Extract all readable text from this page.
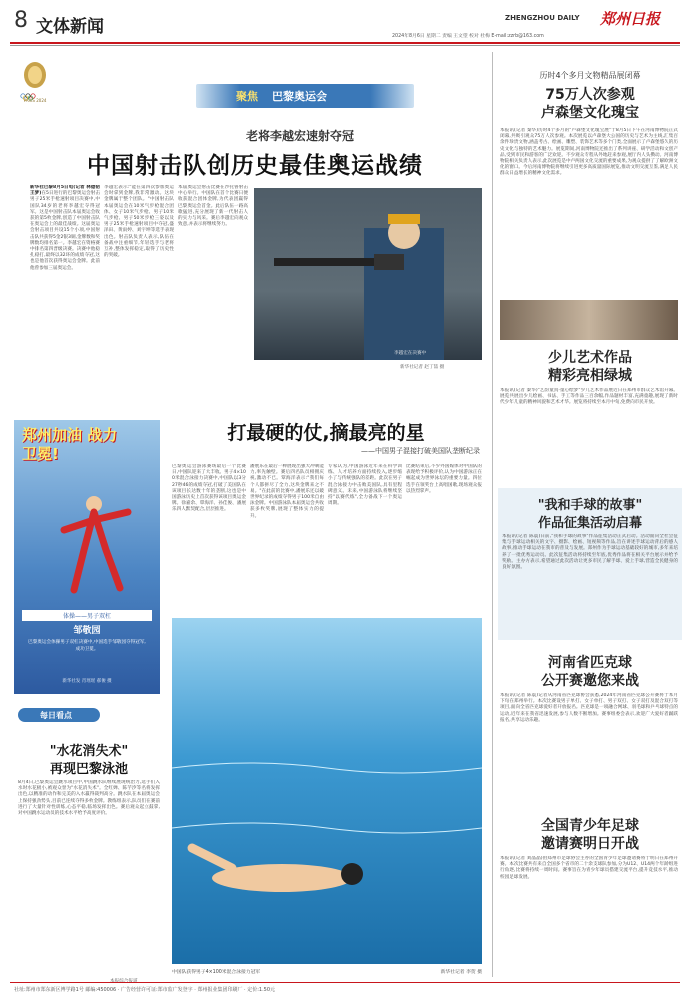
8 文体新闻	ZHENGZHOU DAILY 郑州日报
2024年8月6日 星期二 责编 王文望 校对 杜梅 E-mail:zzrb@163.com
PARIS 2024	聚焦 巴黎奥运会
老将李越宏速射夺冠
中国射击队创历史最佳奥运战绩
新华社巴黎8月5日电(记者 林德韧 王梦)在5日进行的巴黎奥运会射击男子25米手枪速射项目决赛中,中国队34岁的老将李越宏夺得冠军。这是中国射击队本届奥运会收获的第5枚金牌,创造了中国射击队在奥运会上的最佳战绩。这届奥运会射击项目共设15个小项,中国射击队共获得5金2银3铜,金牌数和奖牌数均排名第一。李越宏在资格赛中排名第四晋级决赛。决赛中他稳扎稳打,最终以32环的成绩夺冠,这也是他首次获得奥运会金牌。此前他曾参加三届奥运会。
李越宏表示:"能在第四次参加奥运会时拿到金牌,我非常激动。这块金牌属于整个团队。"中国射击队本届奥运会在10米气步枪混合团体、女子10米气步枪、男子10米气步枪、男子50米步枪三姿以及男子25米手枪速射项目中夺冠,盛泽田、黄雨婷、刘宇坤等选手表现出色。射击队负责人表示,队伍在备战中注重细节,年轻选手与老将互补,整体发挥稳定,取得了历史性的突破。
本届奥运会射击比赛在沙托鲁射击中心举行。中国队在首个比赛日便收获混合团体金牌,为代表团赢得巴黎奥运会首金。此后队伍一路高歌猛进,充分展现了新一代射击人的实力与风采。赛后李越宏向观众致意,并表示将继续努力。
李越宏在决赛中
新华社记者 赵丁喆 摄
郑州加油 战力卫冕!
体操——男子双杠
邹敬园
巴黎奥运会体操男子双杠决赛中,中国选手邹敬园夺得冠军,成功卫冕。
新华社发 肖瑶瑶 郝俊 摄
每日看点
"水花消失术"
再现巴黎泳池
8月4日,巴黎奥运会跳水项目中,中国跳水队继续展现统治力,选手们入水时水花极小,被观众誉为"水花消失术"。全红婵、陈芋汐等名将发挥出色,以精准的动作和完美的入水赢得裁判高分。跳水队在本届奥运会上保持强劲势头,目前已连续夺得多枚金牌。教练组表示,队员们在赛前进行了大量针对性训练,心态平稳,临场发挥出色。赛后观众起立鼓掌,对中国跳水运动员的技术水平给予高度评价。
打最硬的仗,摘最亮的星
——中国男子混接打破美国队垄断纪录
巴黎奥运会游泳赛场最后一个比赛日,中国队迎来了大丰收。男子4×100米混合泳接力决赛中,中国队以3分27秒46的成绩夺冠,打破了美国队在该项目长达数十年的垄断,这也是中国游泳历史上首次获得该项目奥运金牌。徐嘉余、覃海洋、孙佳俊、潘展乐四人默契配合,层层推进。
潘展乐在最后一棒展现出强大冲刺能力,率先触壁。赛后四名队员相拥庆祝,激动不已。覃海洋表示:"我们每个人都拼尽了全力,这块金牌来之不易。"在此前的比赛中,潘展乐还以破世界纪录的成绩夺得男子100米自由泳金牌。中国游泳队本届奥运会共收获多枚奖牌,展现了整体实力的提升。
专家认为,中国游泳近年来在科学训练、人才培养方面持续投入,逐步缩小了与传统强队的差距。此次在男子混合泳接力中击败美国队,具有里程碑意义。未来,中国游泳队将继续坚持"以赛代练",全力备战下一个奥运周期。
比赛结束后,不少外国媒体对中国队的表现给予积极评价,认为中国游泳正在崛起成为世界泳坛的重要力量。四位选手在领奖台上高唱国歌,现场观众报以热烈掌声。
中国队获得男子4×100米混合泳接力冠军	新华社记者 李贺 摄
历时4个多月文物精品展闭幕
75万人次参观
卢森堡文化瑰宝
本报讯(记者 秦华)历时4个多月的"卢森堡文化瑰宝展"于8月5日下午在河南博物院正式闭幕,共吸引观众75万人次参观。本次展览以卢森堡大公国的历史与艺术为主线,汇集百余件珍贵文物,涵盖考古、绘画、雕塑、装饰艺术等多个门类,全面展示了卢森堡悠久的历史文化与独特的艺术魅力。展览期间,河南博物院还推出了系列讲座、研学活动和文创产品,受到市民和游客的广泛欢迎。不少观众专程从外地赶来参观,展厅内人头攒动。河南博物院相关负责人表示,此次展览是中卢两国文化交流的重要成果,为观众提供了了解欧洲文化的窗口。今后河南博物院将继续引进更多高质量国际展览,推动文明交流互鉴,满足人民群众日益增长的精神文化需求。
少儿艺术作品
精彩亮相绿城
本报讯(记者 秦华)"艺韵童真·童心绘梦"少儿艺术作品展近日在郑州市群众艺术馆开幕。展览共展出少儿绘画、书法、手工等作品三百余幅,作品题材丰富,充满童趣,展现了新时代少年儿童的精神风貌和艺术才华。展览将持续至本月中旬,免费向市民开放。
"我和手球的故事"
作品征集活动启幕
本报讯(记者 陈震)日前,"我和手球的故事"作品征集活动正式启动。活动面向全社会征集与手球运动相关的文字、摄影、绘画、短视频等作品,旨在讲述手球运动背后的感人故事,推动手球运动在我市的普及与发展。郑州作为手球运动基础较好的城市,多年来培养了一批优秀运动员。此次征集活动将持续至年底,优秀作品将在相关平台展示并给予奖励。主办方表示,希望通过此次活动让更多市民了解手球、爱上手球,营造全民健身的良好氛围。
河南省匹克球
公开赛邀您来战
本报讯(记者 陈震)记者从河南省匹克球协会获悉,2024年河南省匹克球公开赛将于本月下旬在郑州举行。本次比赛设男子单打、女子单打、男子双打、女子双打及混合双打等项目,面向全省匹克球爱好者开放报名。匹克球是一项融合网球、羽毛球和乒乓球特点的运动,近年来在我省迅速发展,参与人数不断增加。赛事组委会表示,欢迎广大爱好者踊跃报名,共享运动乐趣。
全国青少年足球
邀请赛明日开战
本报讯(记者 刘晶晶)由郑州市足球协会主办的全国青少年足球邀请赛将于明日在郑州开赛。本次比赛共有来自全国多个省市的二十余支球队参加,分为U12、U14两个年龄组进行角逐,比赛将持续一周时间。赛事旨在为青少年球员搭建交流平台,提升竞技水平,推动校园足球发展。
社址:郑州市郑东新区博学路1号 邮编:450006 · 广告经营许可证:郑市监广发登字 · 郑州报业集团印刷厂 · 定价:1.50元
